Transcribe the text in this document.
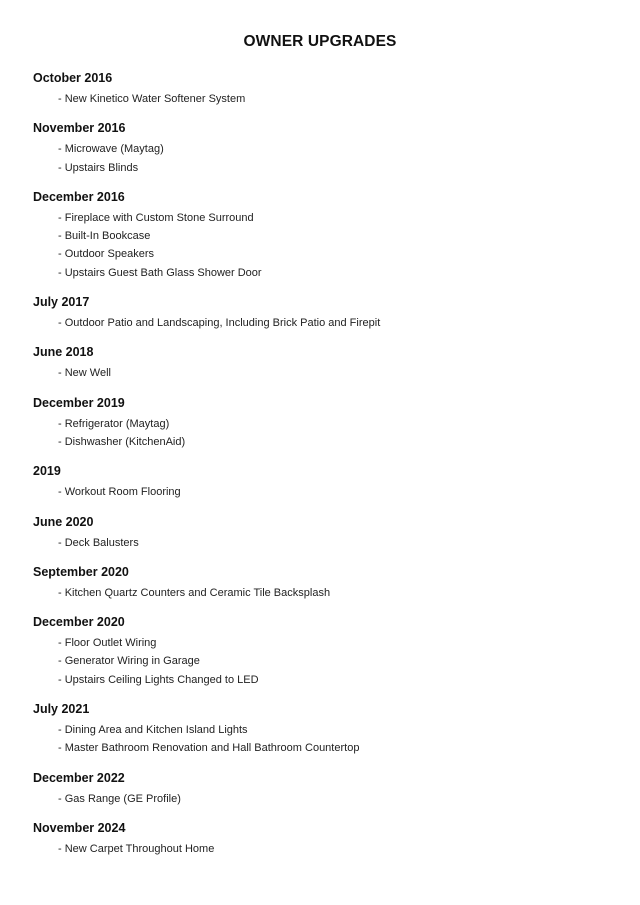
OWNER UPGRADES
October 2016
- New Kinetico Water Softener System
November 2016
- Microwave (Maytag)
- Upstairs Blinds
December 2016
- Fireplace with Custom Stone Surround
- Built-In Bookcase
- Outdoor Speakers
- Upstairs Guest Bath Glass Shower Door
July 2017
- Outdoor Patio and Landscaping, Including Brick Patio and Firepit
June 2018
- New Well
December 2019
- Refrigerator (Maytag)
- Dishwasher (KitchenAid)
2019
- Workout Room Flooring
June 2020
- Deck Balusters
September 2020
- Kitchen Quartz Counters and Ceramic Tile Backsplash
December 2020
- Floor Outlet Wiring
- Generator Wiring in Garage
- Upstairs Ceiling Lights Changed to LED
July 2021
- Dining Area and Kitchen Island Lights
- Master Bathroom Renovation and Hall Bathroom Countertop
December 2022
- Gas Range (GE Profile)
November 2024
- New Carpet Throughout Home
